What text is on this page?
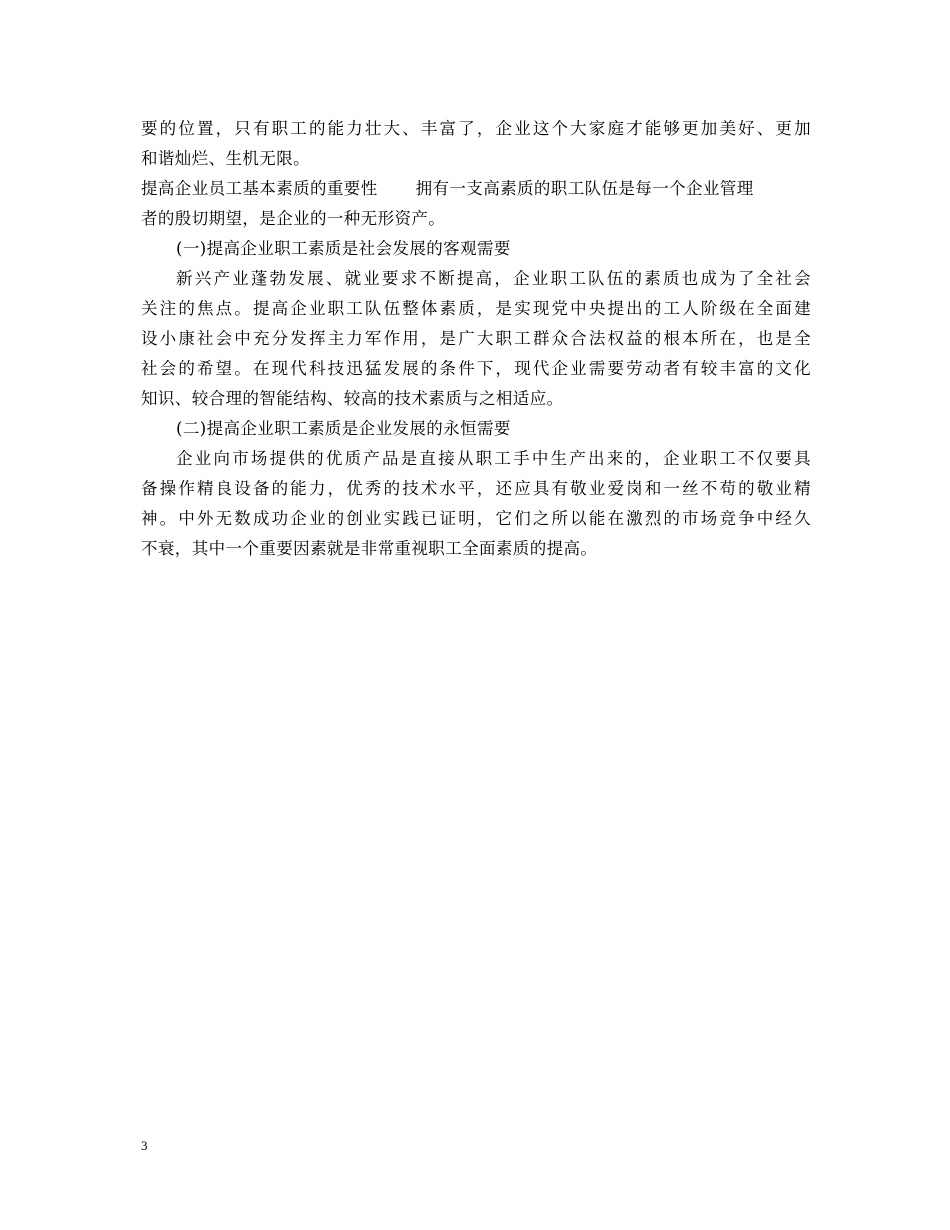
要的位置，只有职工的能力壮大、丰富了，企业这个大家庭才能够更加美好、更加
和谐灿烂、生机无限。
提高企业员工基本素质的重要性 拥有一支高素质的职工队伍是每一个企业管理
者的殷切期望，是企业的一种无形资产。
(一)提高企业职工素质是社会发展的客观需要
新兴产业蓬勃发展、就业要求不断提高，企业职工队伍的素质也成为了全社会
关注的焦点。提高企业职工队伍整体素质，是实现党中央提出的工人阶级在全面建
设小康社会中充分发挥主力军作用，是广大职工群众合法权益的根本所在，也是全
社会的希望。在现代科技迅猛发展的条件下，现代企业需要劳动者有较丰富的文化
知识、较合理的智能结构、较高的技术素质与之相适应。
(二)提高企业职工素质是企业发展的永恒需要
企业向市场提供的优质产品是直接从职工手中生产出来的，企业职工不仅要具
备操作精良设备的能力，优秀的技术水平，还应具有敬业爱岗和一丝不苟的敬业精
神。中外无数成功企业的创业实践已证明，它们之所以能在激烈的市场竞争中经久
不衰，其中一个重要因素就是非常重视职工全面素质的提高。
3
